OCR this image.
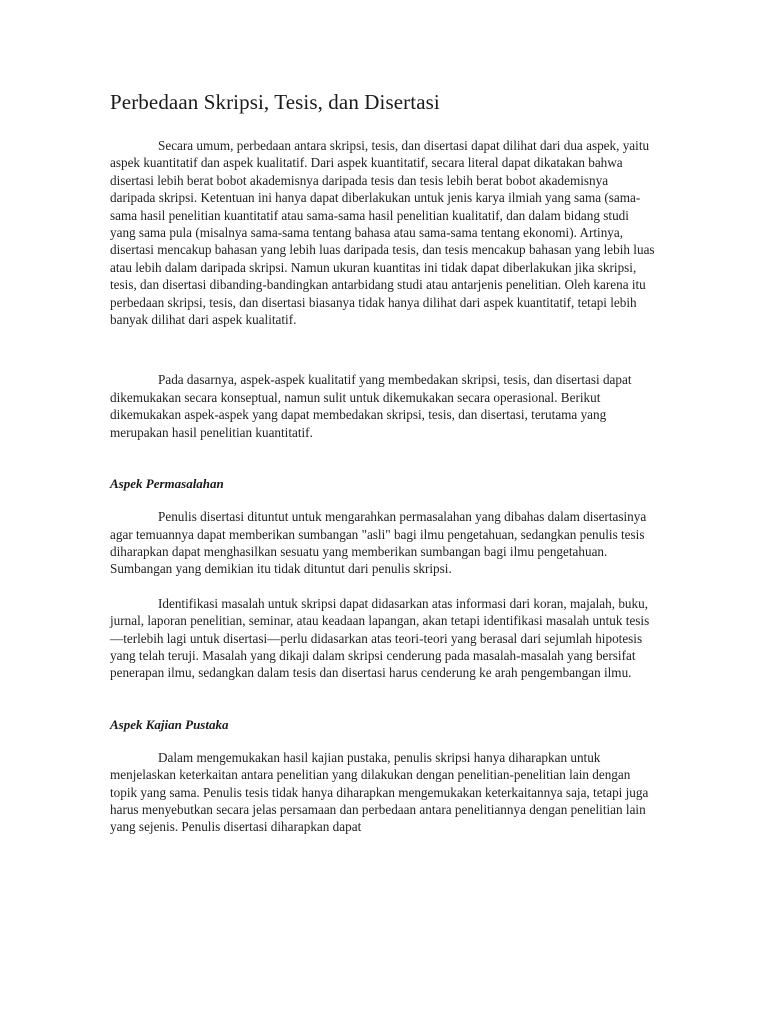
Perbedaan Skripsi, Tesis, dan Disertasi

Secara umum, perbedaan antara skripsi, tesis, dan disertasi dapat dilihat dari dua aspek, yaitu aspek kuantitatif dan aspek kualitatif. Dari aspek kuantitatif, secara literal dapat dikatakan bahwa disertasi lebih berat bobot akademisnya daripada tesis dan tesis lebih berat bobot akademisnya daripada skripsi. Ketentuan ini hanya dapat diberlakukan untuk jenis karya ilmiah yang sama (sama-sama hasil penelitian kuantitatif atau sama-sama hasil penelitian kualitatif, dan dalam bidang studi yang sama pula (misalnya sama-sama tentang bahasa atau sama-sama tentang ekonomi). Artinya, disertasi mencakup bahasan yang lebih luas daripada tesis, dan tesis mencakup bahasan yang lebih luas atau lebih dalam daripada skripsi. Namun ukuran kuantitas ini tidak dapat diberlakukan jika skripsi, tesis, dan disertasi dibanding-bandingkan antarbidang studi atau antarjenis penelitian. Oleh karena itu perbedaan skripsi, tesis, dan disertasi biasanya tidak hanya dilihat dari aspek kuantitatif, tetapi lebih banyak dilihat dari aspek kualitatif.

Pada dasarnya, aspek-aspek kualitatif yang membedakan skripsi, tesis, dan disertasi dapat dikemukakan secara konseptual, namun sulit untuk dikemukakan secara operasional. Berikut dikemukakan aspek-aspek yang dapat membedakan skripsi, tesis, dan disertasi, terutama yang merupakan hasil penelitian kuantitatif.

Aspek Permasalahan

Penulis disertasi dituntut untuk mengarahkan permasalahan yang dibahas dalam disertasinya agar temuannya dapat memberikan sumbangan "asli" bagi ilmu pengetahuan, sedangkan penulis tesis diharapkan dapat menghasilkan sesuatu yang memberikan sumbangan bagi ilmu pengetahuan. Sumbangan yang demikian itu tidak dituntut dari penulis skripsi.

Identifikasi masalah untuk skripsi dapat didasarkan atas informasi dari koran, majalah, buku, jurnal, laporan penelitian, seminar, atau keadaan lapangan, akan tetapi identifikasi masalah untuk tesis—terlebih lagi untuk disertasi—perlu didasarkan atas teori-teori yang berasal dari sejumlah hipotesis yang telah teruji. Masalah yang dikaji dalam skripsi cenderung pada masalah-masalah yang bersifat penerapan ilmu, sedangkan dalam tesis dan disertasi harus cenderung ke arah pengembangan ilmu.

Aspek Kajian Pustaka

Dalam mengemukakan hasil kajian pustaka, penulis skripsi hanya diharapkan untuk menjelaskan keterkaitan antara penelitian yang dilakukan dengan penelitian-penelitian lain dengan topik yang sama. Penulis tesis tidak hanya diharapkan mengemukakan keterkaitannya saja, tetapi juga harus menyebutkan secara jelas persamaan dan perbedaan antara penelitiannya dengan penelitian lain yang sejenis. Penulis disertasi diharapkan dapat
